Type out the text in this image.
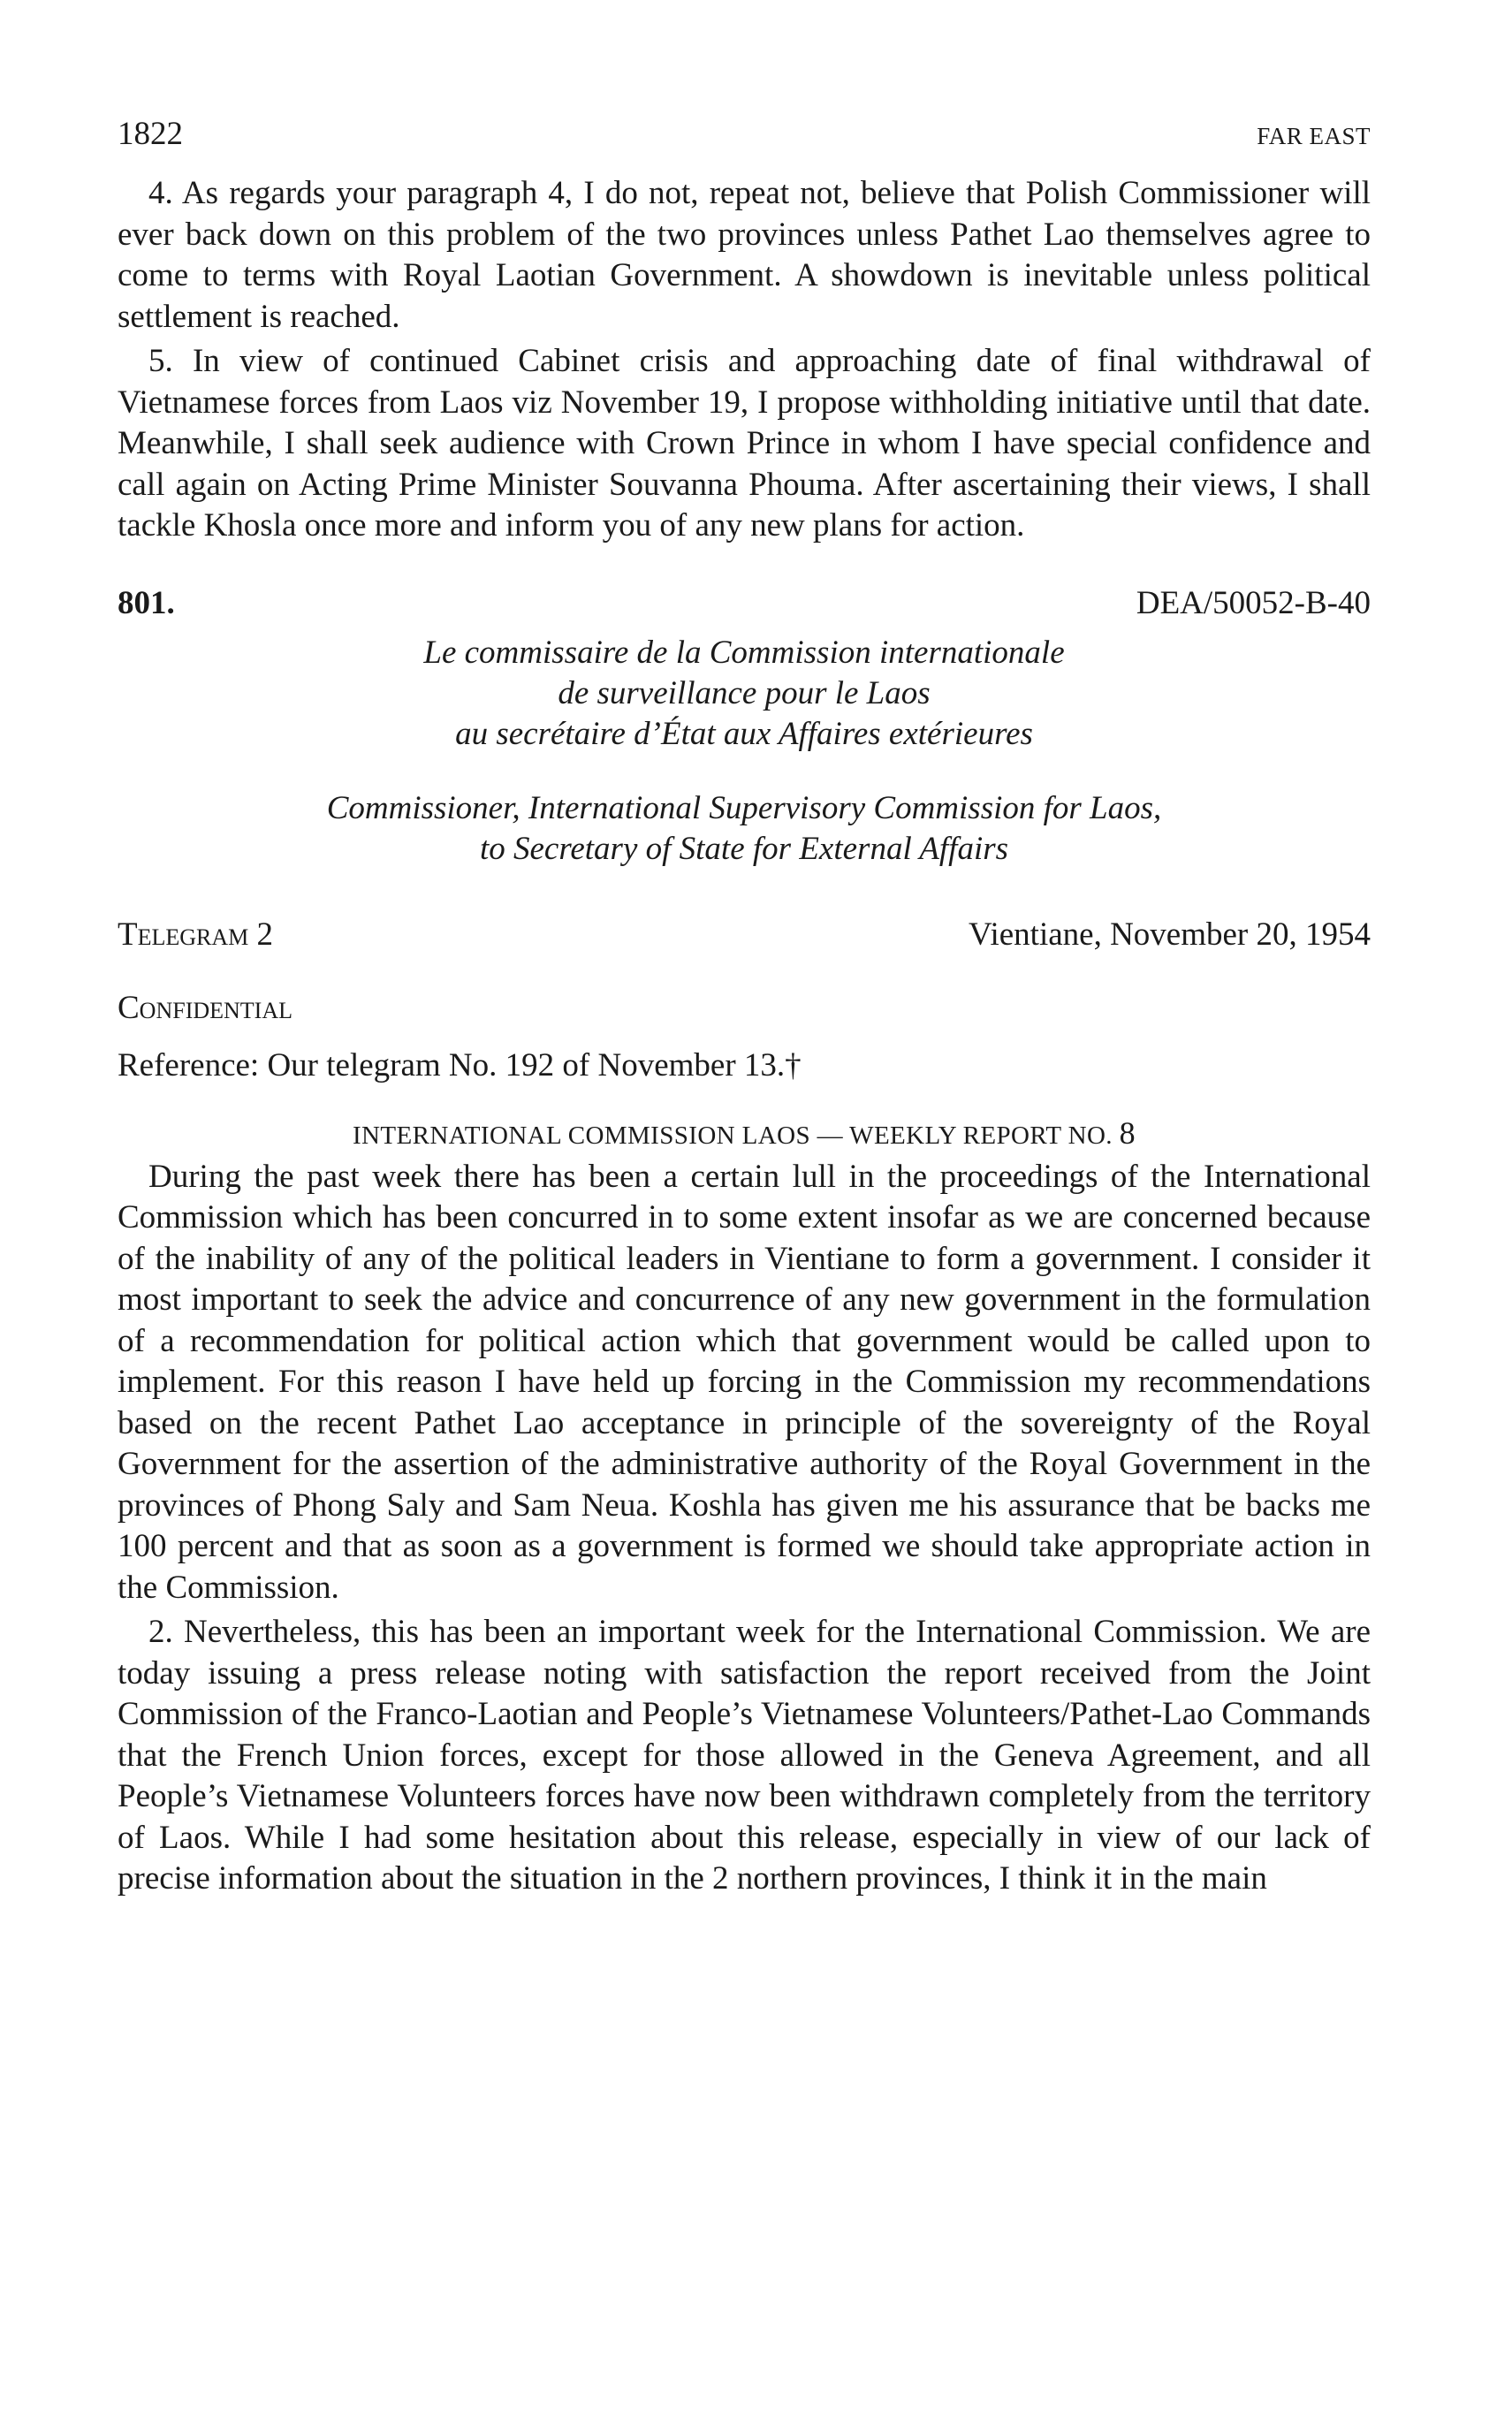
1822	FAR EAST

4. As regards your paragraph 4, I do not, repeat not, believe that Polish Commissioner will ever back down on this problem of the two provinces unless Pathet Lao themselves agree to come to terms with Royal Laotian Government. A showdown is inevitable unless political settlement is reached.

5. In view of continued Cabinet crisis and approaching date of final withdrawal of Vietnamese forces from Laos viz November 19, I propose withholding initiative until that date. Meanwhile, I shall seek audience with Crown Prince in whom I have special confidence and call again on Acting Prime Minister Souvanna Phouma. After ascertaining their views, I shall tackle Khosla once more and inform you of any new plans for action.

801.	DEA/50052-B-40
Le commissaire de la Commission internationale
de surveillance pour le Laos
au secrétaire d’État aux Affaires extérieures
Commissioner, International Supervisory Commission for Laos,
to Secretary of State for External Affairs
Telegram 2	Vientiane, November 20, 1954
Confidential
Reference: Our telegram No. 192 of November 13.†
INTERNATIONAL COMMISSION LAOS — WEEKLY REPORT NO. 8

During the past week there has been a certain lull in the proceedings of the International Commission which has been concurred in to some extent insofar as we are concerned because of the inability of any of the political leaders in Vientiane to form a government. I consider it most important to seek the advice and concurrence of any new government in the formulation of a recommendation for political action which that government would be called upon to implement. For this reason I have held up forcing in the Commission my recommendations based on the recent Pathet Lao acceptance in principle of the sovereignty of the Royal Government for the assertion of the administrative authority of the Royal Government in the provinces of Phong Saly and Sam Neua. Koshla has given me his assurance that be backs me 100 percent and that as soon as a government is formed we should take appropriate action in the Commission.

2. Nevertheless, this has been an important week for the International Commission. We are today issuing a press release noting with satisfaction the report received from the Joint Commission of the Franco-Laotian and People’s Vietnamese Volunteers/Pathet-Lao Commands that the French Union forces, except for those allowed in the Geneva Agreement, and all People’s Vietnamese Volunteers forces have now been withdrawn completely from the territory of Laos. While I had some hesitation about this release, especially in view of our lack of precise information about the situation in the 2 northern provinces, I think it in the main
